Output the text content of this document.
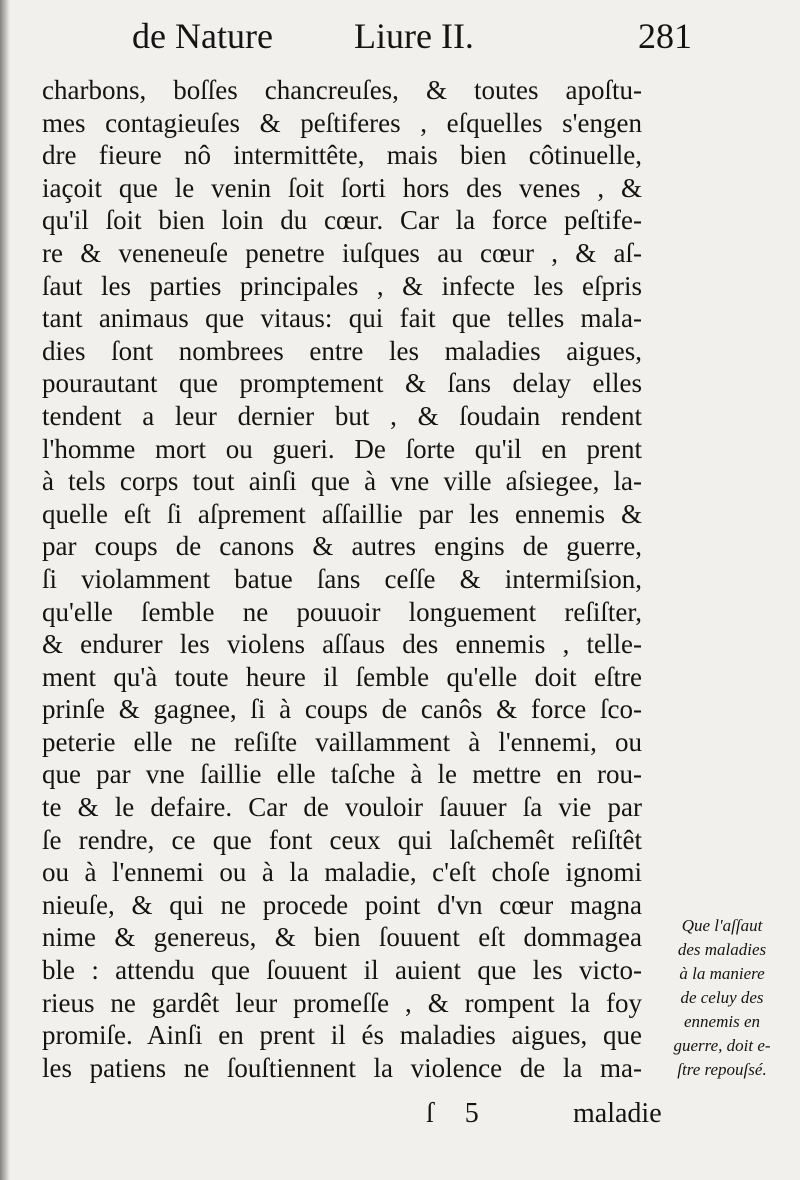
de Nature Liure II.	281
charbons, boſſes chancreuſes, & toutes apoſtu-
mes contagieuſes & peſtiferes , eſquelles s'engen
dre fieure nô intermittête, mais bien côtinuelle,
iaçoit que le venin ſoit ſorti hors des venes , &
qu'il ſoit bien loin du cœur. Car la force peſtife-
re & veneneuſe penetre iuſques au cœur , & aſ-
ſaut les parties principales , & infecte les eſpris
tant animaus que vitaus: qui fait que telles mala-
dies ſont nombrees entre les maladies aigues,
pourautant que promptement & ſans delay elles
tendent a leur dernier but , & ſoudain rendent
l'homme mort ou gueri. De ſorte qu'il en prent
à tels corps tout ainſi que à vne ville aſsiegee, la-
quelle eſt ſi aſprement aſſaillie par les ennemis &
par coups de canons & autres engins de guerre,
ſi violamment batue ſans ceſſe & intermiſsion,
qu'elle ſemble ne pouuoir longuement reſiſter,
& endurer les violens aſſaus des ennemis , telle-
ment qu'à toute heure il ſemble qu'elle doit eſtre
prinſe & gagnee, ſi à coups de canôs & force ſco-
peterie elle ne reſiſte vaillamment à l'ennemi, ou
que par vne ſaillie elle taſche à le mettre en rou-
te & le defaire. Car de vouloir ſauuer ſa vie par
ſe rendre, ce que font ceux qui laſchemêt reſiſtêt
ou à l'ennemi ou à la maladie, c'eſt choſe ignomi
nieuſe, & qui ne procede point d'vn cœur magna
nime & genereus, & bien ſouuent eſt dommagea
ble : attendu que ſouuent il auient que les victo-
rieus ne gardêt leur promeſſe , & rompent la foy
promiſe. Ainſi en prent il és maladies aigues, que
les patiens ne ſouſtiennent la violence de la ma-
Que l'aſſaut
des maladies
à la maniere
de celuy des
ennemis en
guerre, doit e-
ſtre repouſsé.
ſ 5	maladie
